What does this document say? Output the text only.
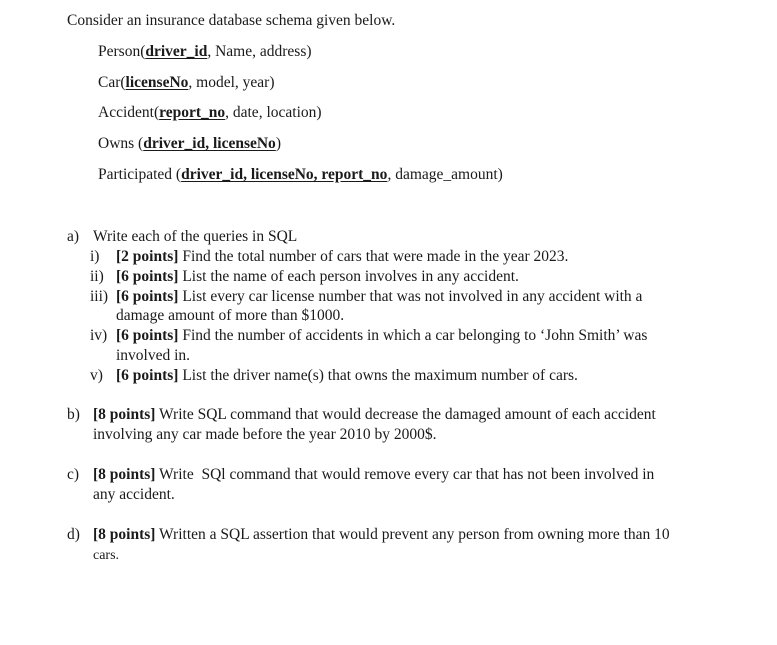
Consider an insurance database schema given below.
Person(driver_id, Name, address)
Car(licenseNo, model, year)
Accident(report_no, date, location)
Owns (driver_id, licenseNo)
Participated (driver_id, licenseNo, report_no, damage_amount)
a) Write each of the queries in SQL
i) [2 points] Find the total number of cars that were made in the year 2023.
ii) [6 points] List the name of each person involves in any accident.
iii) [6 points] List every car license number that was not involved in any accident with a
damage amount of more than $1000.
iv) [6 points] Find the number of accidents in which a car belonging to ‘John Smith’ was
involved in.
v) [6 points] List the driver name(s) that owns the maximum number of cars.
b) [8 points] Write SQL command that would decrease the damaged amount of each accident
involving any car made before the year 2010 by 2000$.
c) [8 points] Write  SQl command that would remove every car that has not been involved in
any accident.
d) [8 points] Written a SQL assertion that would prevent any person from owning more than 10
cars.
